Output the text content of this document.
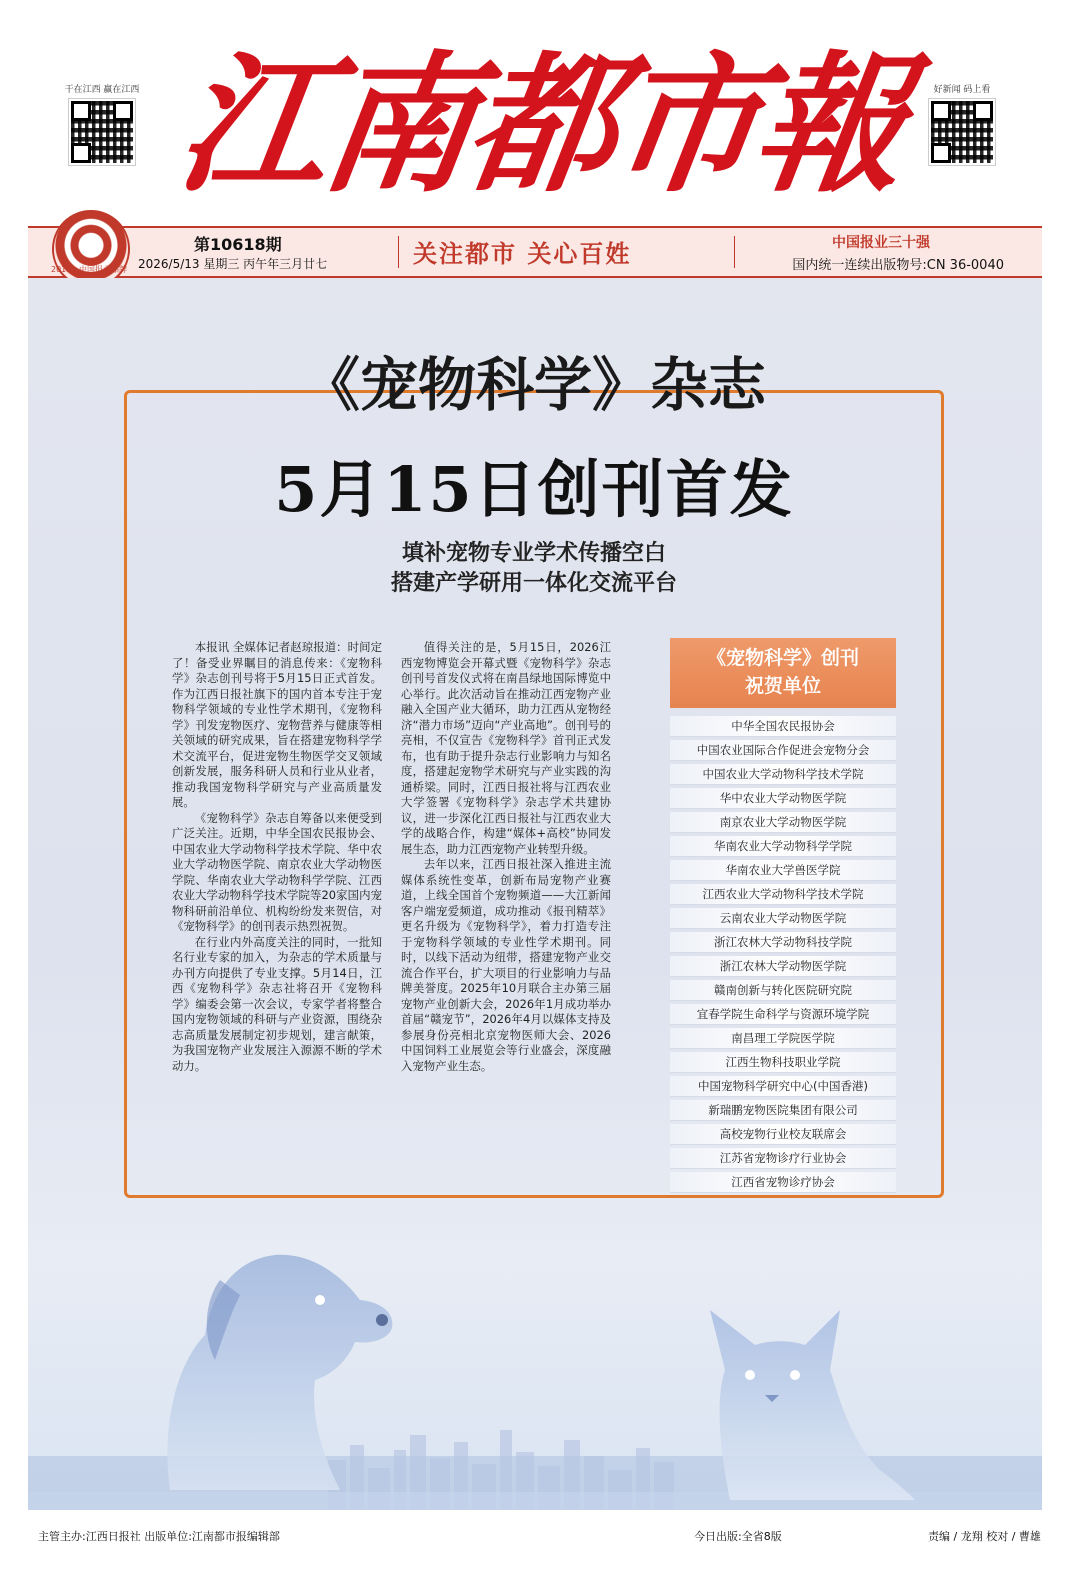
干在江西 赢在江西 江南都市報	好新闻 码上看
2019 · 中国报业品牌
第10618期
2026/5/13 星期三 丙午年三月廿七	关注都市 关心百姓	中国报业三十强
国内统一连续出版物号:CN 36-0040
《宠物科学》杂志
5月15日创刊首发
填补宠物专业学术传播空白
搭建产学研用一体化交流平台

本报讯 全媒体记者赵琼报道：时间定了！备受业界瞩目的消息传来：《宠物科学》杂志创刊号将于5月15日正式首发。作为江西日报社旗下的国内首本专注于宠物科学领域的专业性学术期刊，《宠物科学》刊发宠物医疗、宠物营养与健康等相关领域的研究成果，旨在搭建宠物科学学术交流平台，促进宠物生物医学交叉领域创新发展，服务科研人员和行业从业者，推动我国宠物科学研究与产业高质量发展。

《宠物科学》杂志自筹备以来便受到广泛关注。近期，中华全国农民报协会、中国农业大学动物科学技术学院、华中农业大学动物医学院、南京农业大学动物医学院、华南农业大学动物科学学院、江西农业大学动物科学技术学院等20家国内宠物科研前沿单位、机构纷纷发来贺信，对《宠物科学》的创刊表示热烈祝贺。

在行业内外高度关注的同时，一批知名行业专家的加入，为杂志的学术质量与办刊方向提供了专业支撑。5月14日，江西《宠物科学》杂志社将召开《宠物科学》编委会第一次会议，专家学者将整合国内宠物领域的科研与产业资源，围绕杂志高质量发展制定初步规划，建言献策，为我国宠物产业发展注入源源不断的学术动力。

值得关注的是，5月15日，2026江西宠物博览会开幕式暨《宠物科学》杂志创刊号首发仪式将在南昌绿地国际博览中心举行。此次活动旨在推动江西宠物产业融入全国产业大循环，助力江西从宠物经济“潜力市场”迈向“产业高地”。创刊号的亮相，不仅宣告《宠物科学》首刊正式发布，也有助于提升杂志行业影响力与知名度，搭建起宠物学术研究与产业实践的沟通桥梁。同时，江西日报社将与江西农业大学签署《宠物科学》杂志学术共建协议，进一步深化江西日报社与江西农业大学的战略合作，构建“媒体+高校”协同发展生态，助力江西宠物产业转型升级。

去年以来，江西日报社深入推进主流媒体系统性变革，创新布局宠物产业赛道，上线全国首个宠物频道——大江新闻客户端宠爱频道，成功推动《报刊精萃》更名升级为《宠物科学》，着力打造专注于宠物科学领域的专业性学术期刊。同时，以线下活动为纽带，搭建宠物产业交流合作平台，扩大项目的行业影响力与品牌美誉度。2025年10月联合主办第三届宠物产业创新大会，2026年1月成功举办首届“赣宠节”，2026年4月以媒体支持及参展身份亮相北京宠物医师大会、2026中国饲料工业展览会等行业盛会，深度融入宠物产业生态。

《宠物科学》创刊
祝贺单位
中华全国农民报协会
中国农业国际合作促进会宠物分会
中国农业大学动物科学技术学院
华中农业大学动物医学院
南京农业大学动物医学院
华南农业大学动物科学学院
华南农业大学兽医学院
江西农业大学动物科学技术学院
云南农业大学动物医学院
浙江农林大学动物科技学院
浙江农林大学动物医学院
赣南创新与转化医院研究院
宜春学院生命科学与资源环境学院
南昌理工学院医学院
江西生物科技职业学院
中国宠物科学研究中心(中国香港)
新瑞鹏宠物医院集团有限公司
高校宠物行业校友联席会
江苏省宠物诊疗行业协会
江西省宠物诊疗协会
主管主办:江西日报社 出版单位:江南都市报编辑部	今日出版:全省8版	责编 / 龙翔 校对 / 曹雄
